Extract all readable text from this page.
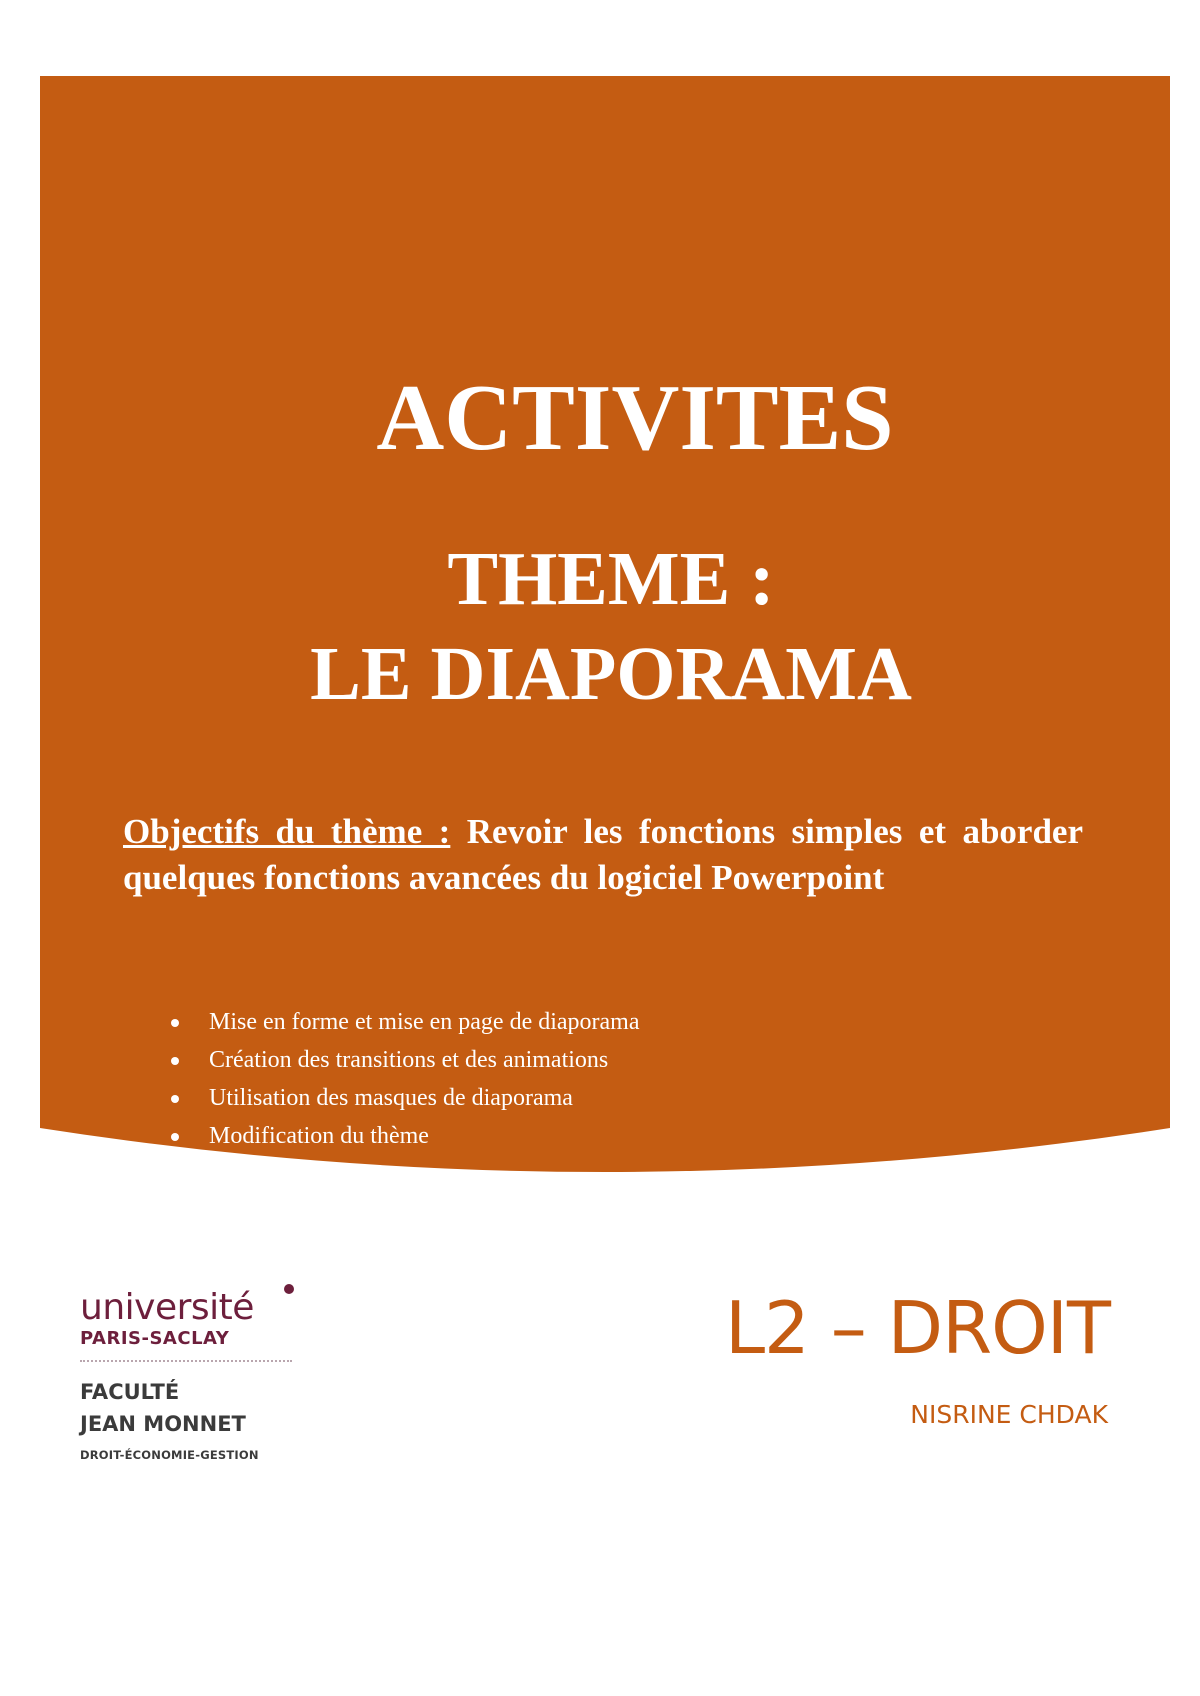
ACTIVITES
THEME :
LE DIAPORAMA
Objectifs du thème : Revoir les fonctions simples et aborder quelques fonctions avancées du logiciel Powerpoint
Mise en forme et mise en page de diaporama
Création des transitions et des animations
Utilisation des masques de diaporama
Modification du thème
université
PARIS-SACLAY
FACULTÉ
JEAN MONNET
DROIT-ÉCONOMIE-GESTION
L2 – DROIT
NISRINE CHDAK
